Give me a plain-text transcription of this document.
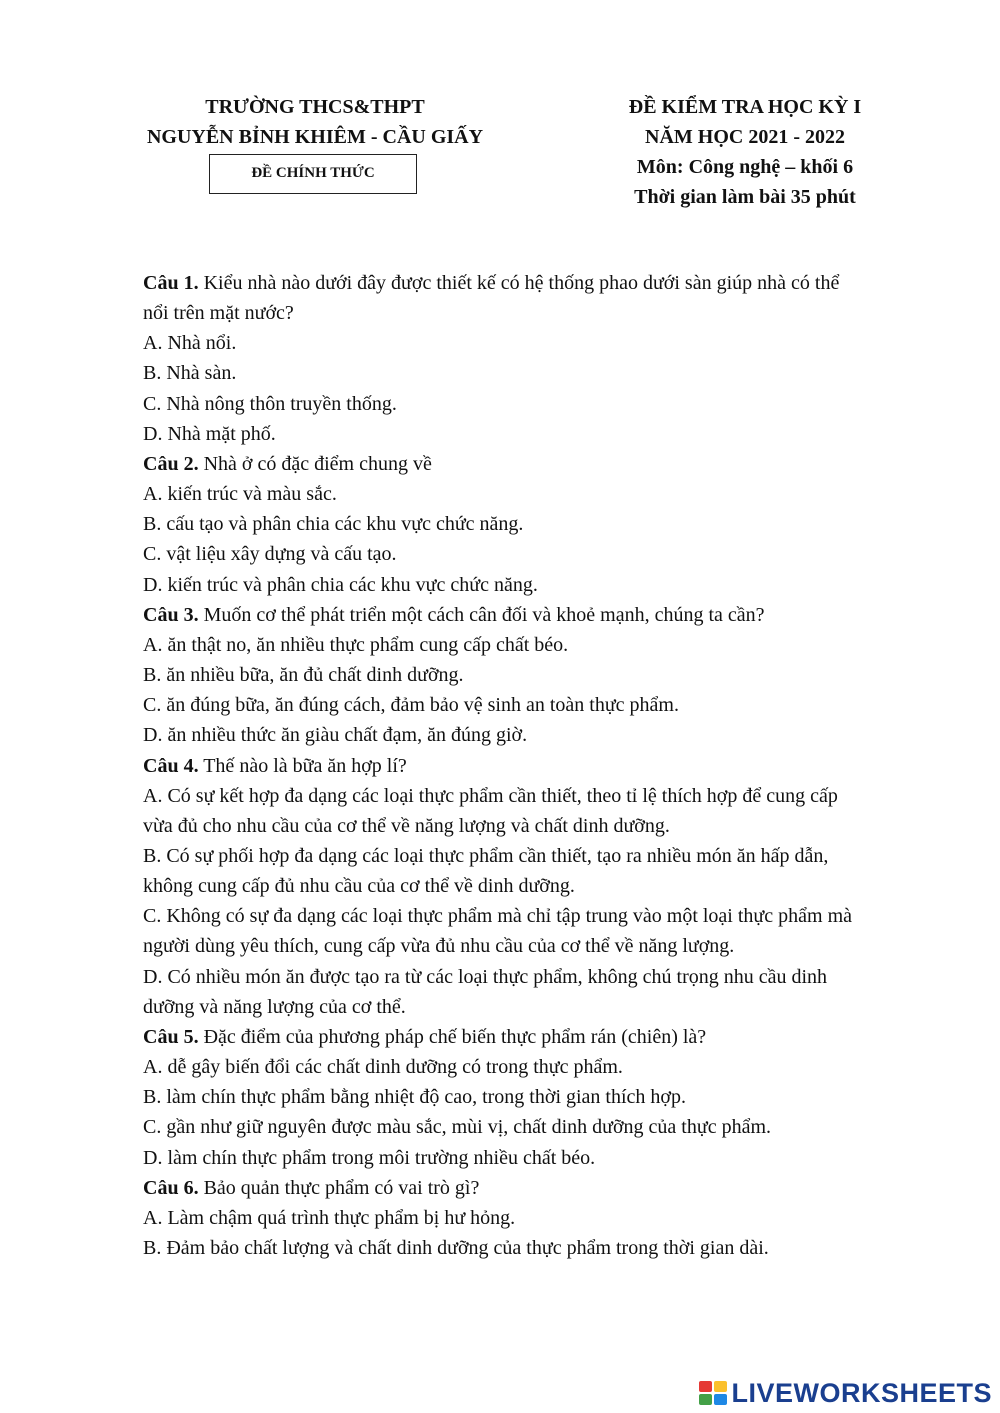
TRƯỜNG THCS&THPT
NGUYỄN BỈNH KHIÊM - CẦU GIẤY
ĐỀ CHÍNH THỨC
ĐỀ KIỂM TRA HỌC KỲ I
NĂM HỌC 2021 - 2022
Môn: Công nghệ – khối 6
Thời gian làm bài 35 phút
Câu 1. Kiểu nhà nào dưới đây được thiết kế có hệ thống phao dưới sàn giúp nhà có thể
nổi trên mặt nước?
A. Nhà nổi.
B. Nhà sàn.
C. Nhà nông thôn truyền thống.
D. Nhà mặt phố.
Câu 2. Nhà ở có đặc điểm chung về
A. kiến trúc và màu sắc.
B. cấu tạo và phân chia các khu vực chức năng.
C. vật liệu xây dựng và cấu tạo.
D. kiến trúc và phân chia các khu vực chức năng.
Câu 3. Muốn cơ thể phát triển một cách cân đối và khoẻ mạnh, chúng ta cần?
A. ăn thật no, ăn nhiều thực phẩm cung cấp chất béo.
B. ăn nhiều bữa, ăn đủ chất dinh dưỡng.
C. ăn đúng bữa, ăn đúng cách, đảm bảo vệ sinh an toàn thực phẩm.
D. ăn nhiều thức ăn giàu chất đạm, ăn đúng giờ.
Câu 4. Thế nào là bữa ăn hợp lí?
A. Có sự kết hợp đa dạng các loại thực phẩm cần thiết, theo tỉ lệ thích hợp để cung cấp
vừa đủ cho nhu cầu của cơ thể về năng lượng và chất dinh dưỡng.
B. Có sự phối hợp đa dạng các loại thực phẩm cần thiết, tạo ra nhiều món ăn hấp dẫn,
không cung cấp đủ nhu cầu của cơ thể về dinh dưỡng.
C. Không có sự đa dạng các loại thực phẩm mà chỉ tập trung vào một loại thực phẩm mà
người dùng yêu thích, cung cấp vừa đủ nhu cầu của cơ thể về năng lượng.
D. Có nhiều món ăn được tạo ra từ các loại thực phẩm, không chú trọng nhu cầu dinh
dưỡng và năng lượng của cơ thể.
Câu 5. Đặc điểm của phương pháp chế biến thực phẩm rán (chiên) là?
A. dễ gây biến đổi các chất dinh dưỡng có trong thực phẩm.
B. làm chín thực phẩm bằng nhiệt độ cao, trong thời gian thích hợp.
C. gần như giữ nguyên được màu sắc, mùi vị, chất dinh dưỡng của thực phẩm.
D. làm chín thực phẩm trong môi trường nhiều chất béo.
Câu 6. Bảo quản thực phẩm có vai trò gì?
A. Làm chậm quá trình thực phẩm bị hư hỏng.
B. Đảm bảo chất lượng và chất dinh dưỡng của thực phẩm trong thời gian dài.
LIVEWORKSHEETS
